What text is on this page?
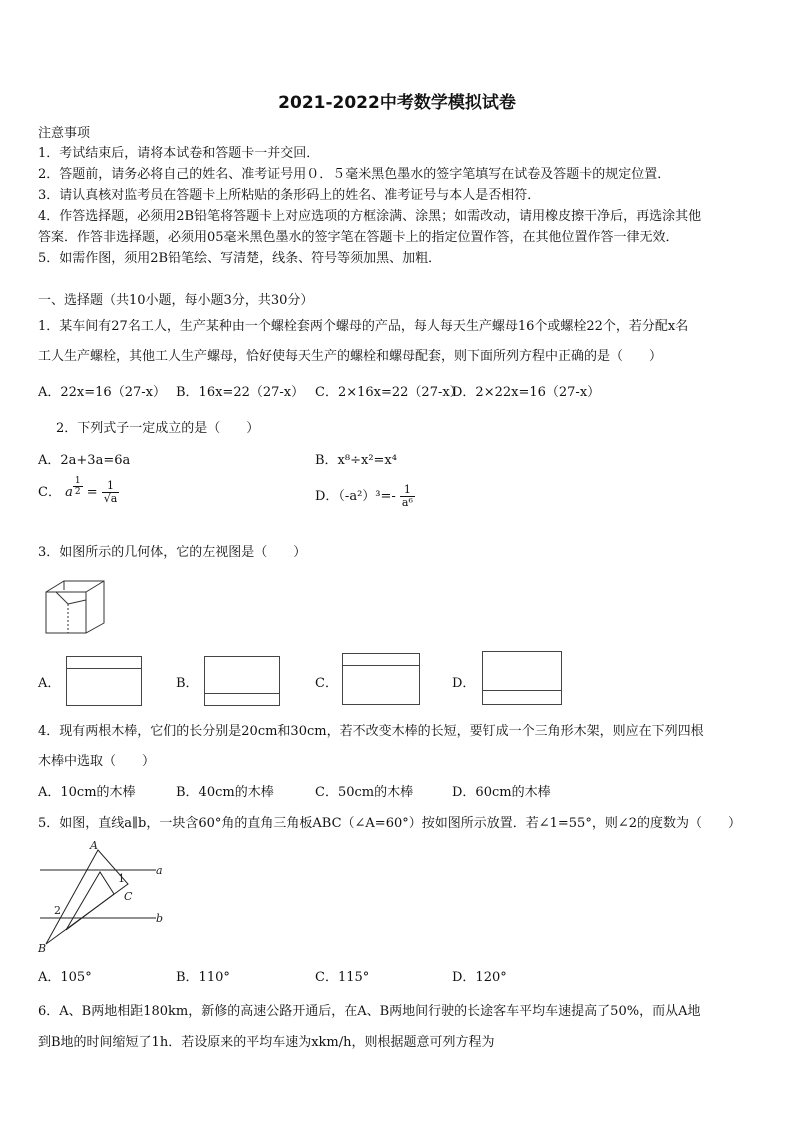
2021-2022中考数学模拟试卷
注意事项
1．考试结束后，请将本试卷和答题卡一并交回．
2．答题前，请务必将自己的姓名、准考证号用０．５毫米黑色墨水的签字笔填写在试卷及答题卡的规定位置．
3．请认真核对监考员在答题卡上所粘贴的条形码上的姓名、准考证号与本人是否相符．
4．作答选择题，必须用2B铅笔将答题卡上对应选项的方框涂满、涂黑；如需改动，请用橡皮擦干净后，再选涂其他
答案．作答非选择题，必须用05毫米黑色墨水的签字笔在答题卡上的指定位置作答，在其他位置作答一律无效．
5．如需作图，须用2B铅笔绘、写清楚，线条、符号等须加黑、加粗．
一、选择题（共10小题，每小题3分，共30分）
1．某车间有27名工人，生产某种由一个螺栓套两个螺母的产品，每人每天生产螺母16个或螺栓22个，若分配x名
工人生产螺栓，其他工人生产螺母，恰好使每天生产的螺栓和螺母配套，则下面所列方程中正确的是（　　）
A．22x=16（27-x） B．16x=22（27-x） C．2×16x=22（27-x）
D．2×22x=16（27-x）
2．下列式子一定成立的是（　　）
A．2a+3a=6a	B．x⁸÷x²=x⁴
C． a $\frac{1}{2} = \frac{1}{√a}$	D．$(-a^2)^3=- \frac{1}{\text{a⁶}}$
3．如图所示的几何体，它的左视图是（　　）
A．	B．	C．	D．
4．现有两根木棒，它们的长分别是20cm和30cm，若不改变木棒的长短，要钉成一个三角形木架，则应在下列四根
木棒中选取（　　）
A．10cm的木棒	B．40cm的木棒	C．50cm的木棒	D．60cm的木棒
5．如图，直线a∥b，一块含60°角的直角三角板ABC（∠A=60°）按如图所示放置．若∠1=55°，则∠2的度数为（　　）
A
B
C
a
b
1
2
A．105°	B．110°	C．115°	D．120°
6．A、B两地相距180km，新修的高速公路开通后，在A、B两地间行驶的长途客车平均车速提高了50%，而从A地
到B地的时间缩短了1h．若设原来的平均车速为xkm/h，则根据题意可列方程为
